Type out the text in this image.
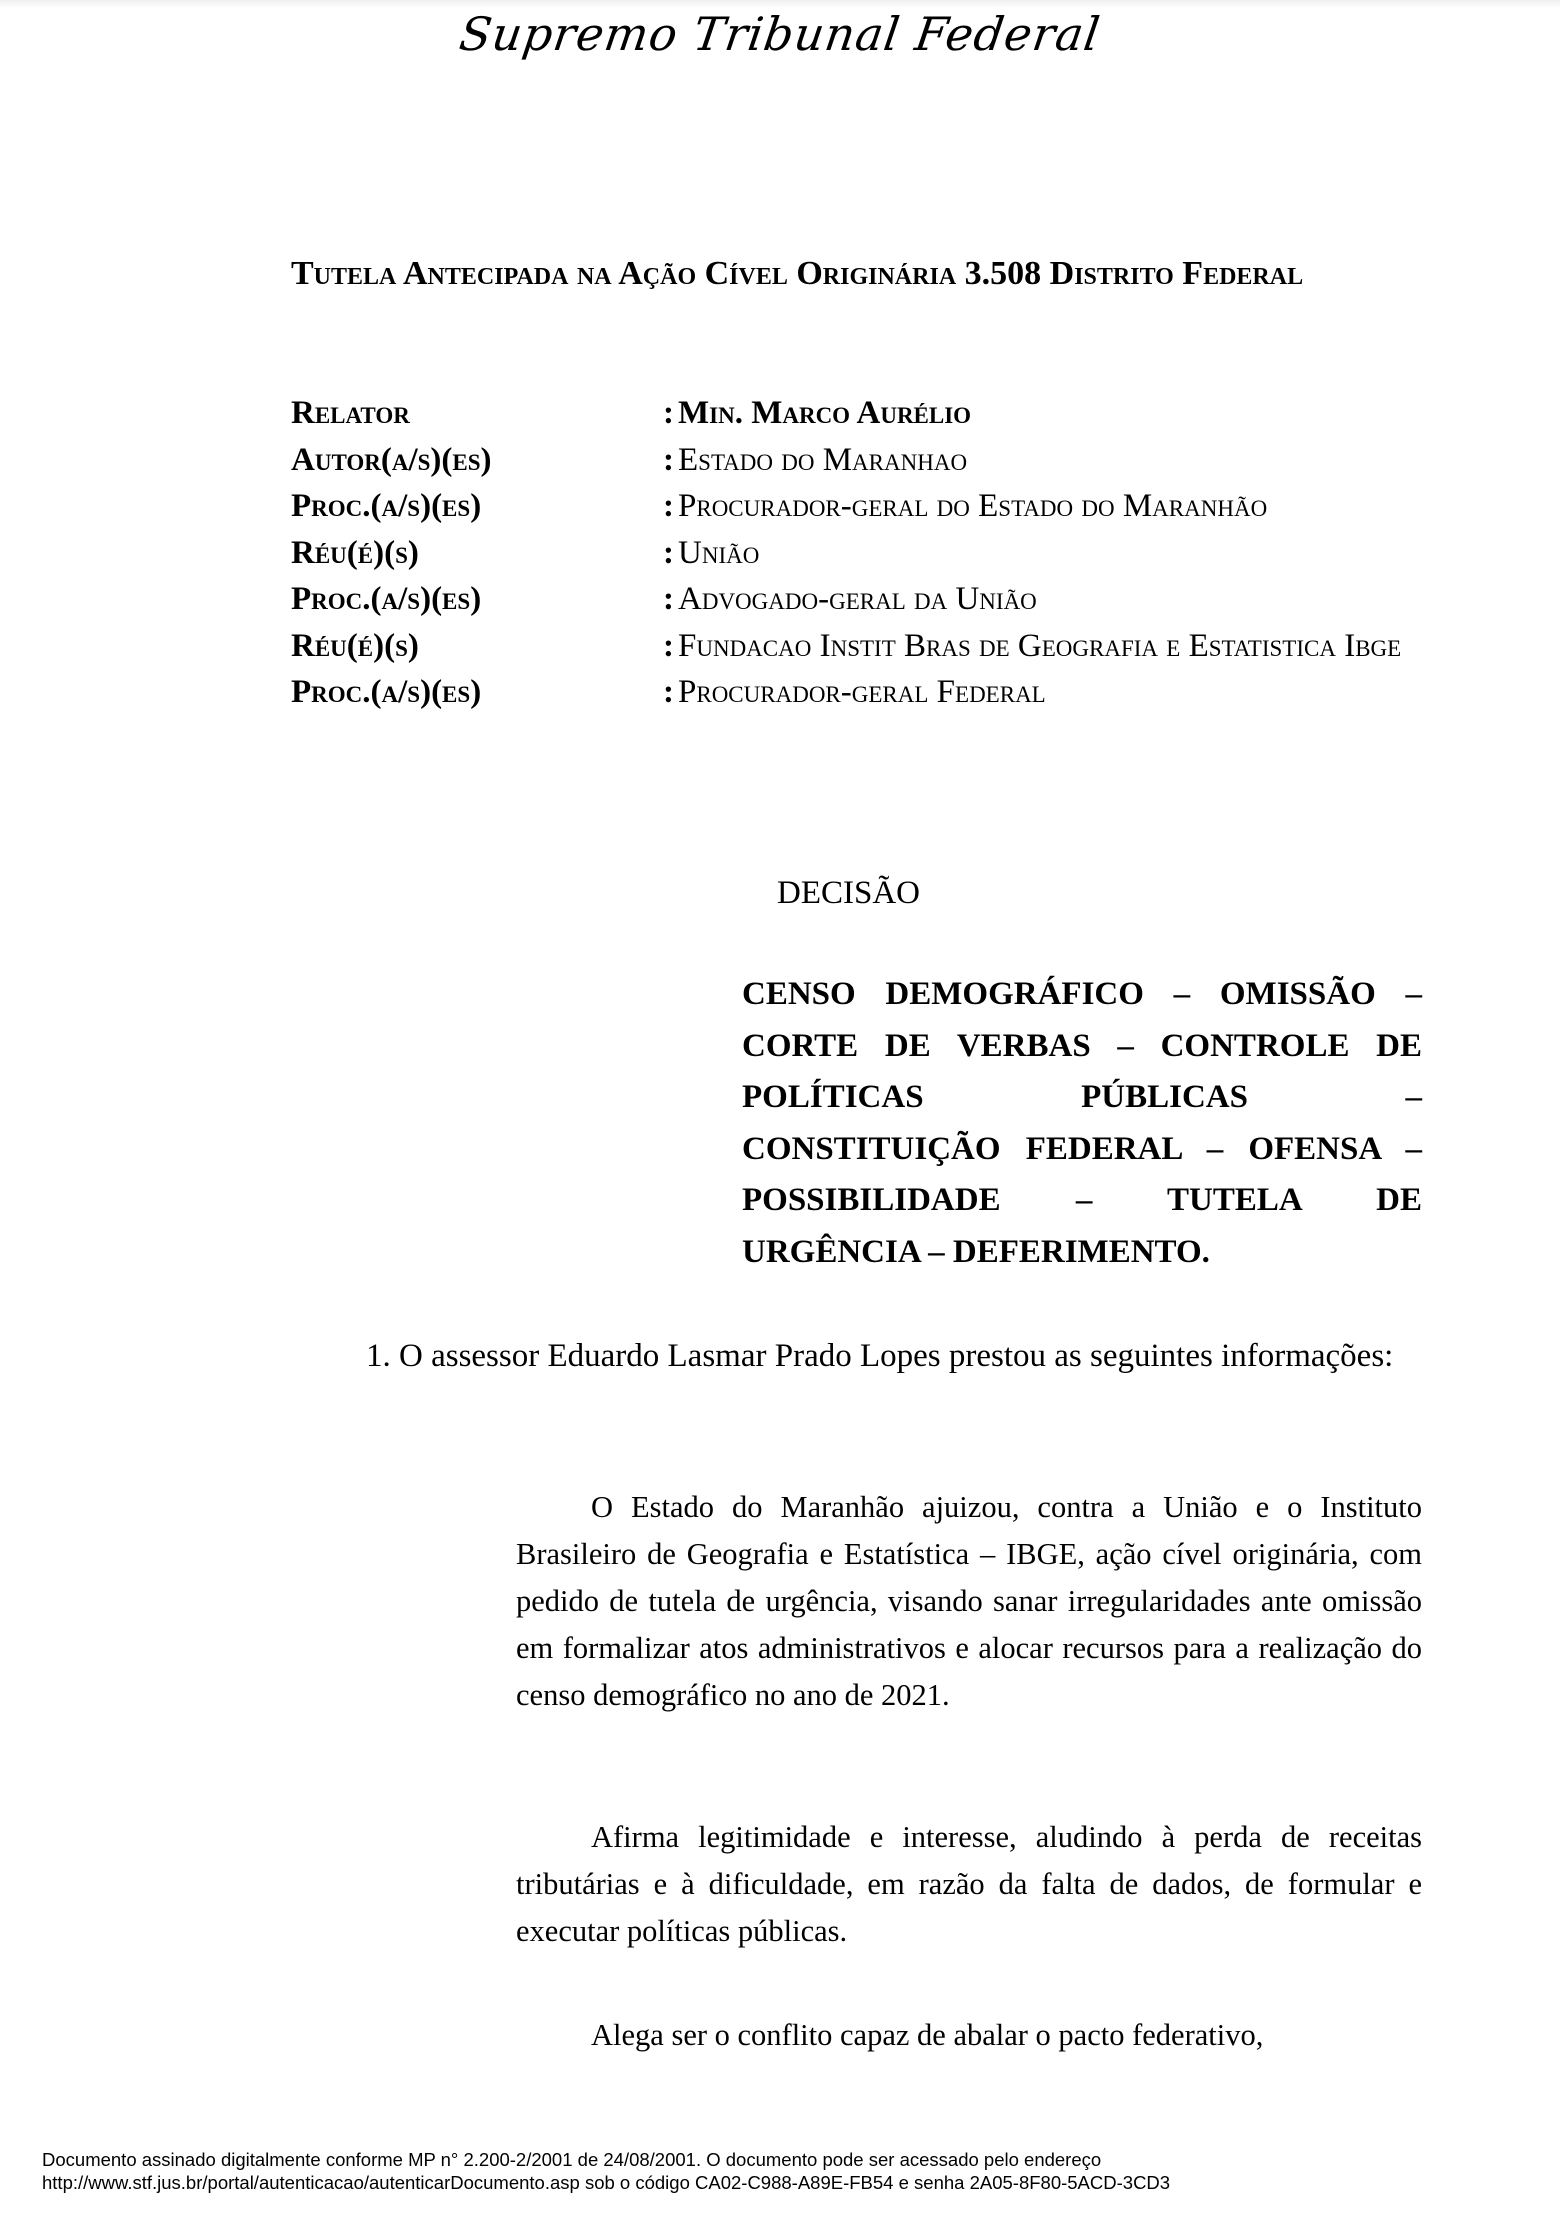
Supremo Tribunal Federal
Tutela Antecipada na Ação Cível Originária 3.508 Distrito Federal
Relator	: Min. Marco Aurélio
Autor(a/s)(es)	: Estado do Maranhao
Proc.(a/s)(es)	: Procurador-geral do Estado do Maranhão
Réu(é)(s)	: União
Proc.(a/s)(es)	: Advogado-geral da União
Réu(é)(s)	: Fundacao Instit Bras de Geografia e Estatistica Ibge
Proc.(a/s)(es)	: Procurador-geral Federal
DECISÃO
CENSO DEMOGRÁFICO – OMISSÃO –
CORTE DE VERBAS – CONTROLE DE
POLÍTICAS PÚBLICAS –
CONSTITUIÇÃO FEDERAL – OFENSA –
POSSIBILIDADE – TUTELA DE
URGÊNCIA – DEFERIMENTO.

1. O assessor Eduardo Lasmar Prado Lopes prestou as seguintes informações:

O Estado do Maranhão ajuizou, contra a União e o Instituto Brasileiro de Geografia e Estatística – IBGE, ação cível originária, com pedido de tutela de urgência, visando sanar irregularidades ante omissão em formalizar atos administrativos e alocar recursos para a realização do censo demográfico no ano de 2021.

Afirma legitimidade e interesse, aludindo à perda de receitas tributárias e à dificuldade, em razão da falta de dados, de formular e executar políticas públicas.

Alega ser o conflito capaz de abalar o pacto federativo,

Documento assinado digitalmente conforme MP n° 2.200-2/2001 de 24/08/2001. O documento pode ser acessado pelo endereço
http://www.stf.jus.br/portal/autenticacao/autenticarDocumento.asp sob o código CA02-C988-A89E-FB54 e senha 2A05-8F80-5ACD-3CD3
